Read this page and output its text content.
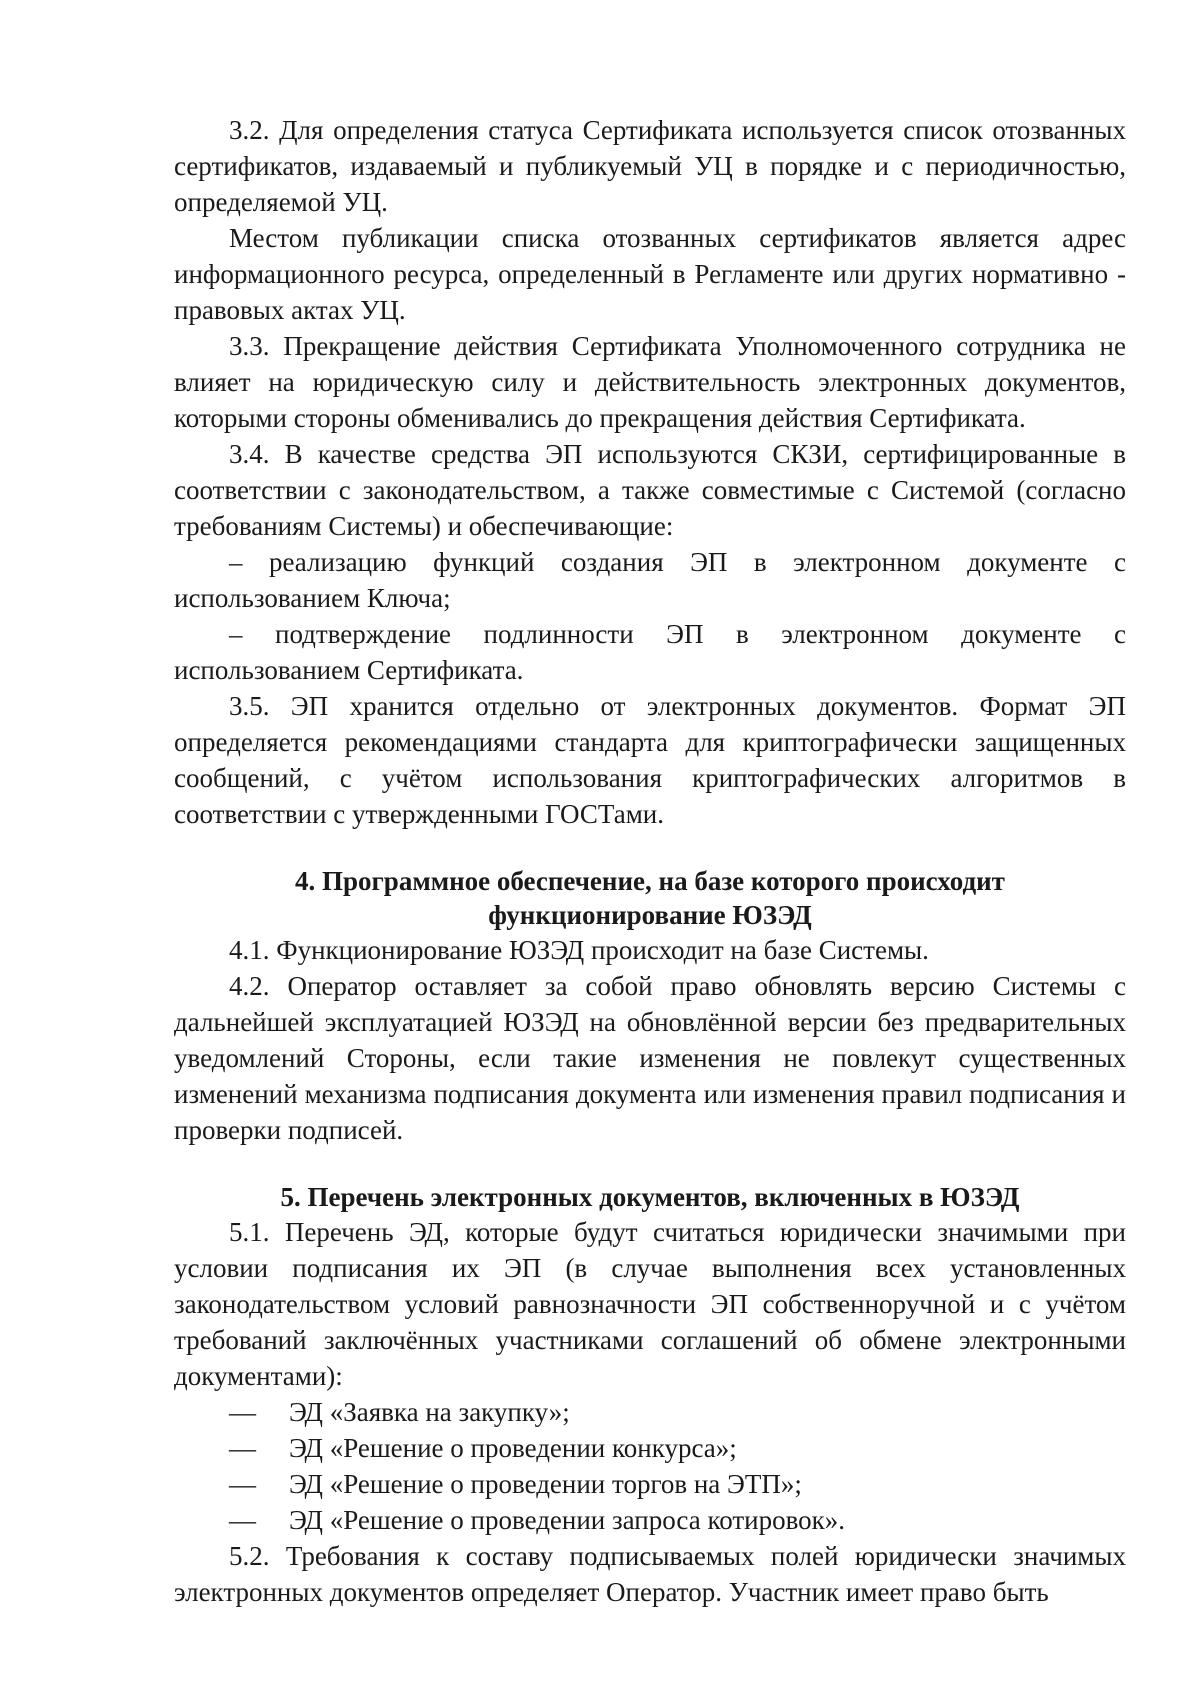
3.2. Для определения статуса Сертификата используется список отозванных сертификатов, издаваемый и публикуемый УЦ в порядке и с периодичностью, определяемой УЦ.

Местом публикации списка отозванных сертификатов является адрес информационного ресурса, определенный в Регламенте или других нормативно - правовых актах УЦ.

3.3. Прекращение действия Сертификата Уполномоченного сотрудника не влияет на юридическую силу и действительность электронных документов, которыми стороны обменивались до прекращения действия Сертификата.

3.4. В качестве средства ЭП используются СКЗИ, сертифицированные в соответствии с законодательством, а также совместимые с Системой (согласно требованиям Системы) и обеспечивающие:

– реализацию функций создания ЭП в электронном документе с использованием Ключа;

– подтверждение подлинности ЭП в электронном документе с использованием Сертификата.

3.5. ЭП хранится отдельно от электронных документов. Формат ЭП определяется рекомендациями стандарта для криптографически защищенных сообщений, с учётом использования криптографических алгоритмов в соответствии с утвержденными ГОСТами.

4. Программное обеспечение, на базе которого происходит

функционирование ЮЗЭД

4.1. Функционирование ЮЗЭД происходит на базе Системы.

4.2. Оператор оставляет за собой право обновлять версию Системы с дальнейшей эксплуатацией ЮЗЭД на обновлённой версии без предварительных уведомлений Стороны, если такие изменения не повлекут существенных изменений механизма подписания документа или изменения правил подписания и проверки подписей.

5. Перечень электронных документов, включенных в ЮЗЭД

5.1. Перечень ЭД, которые будут считаться юридически значимыми при условии подписания их ЭП (в случае выполнения всех установленных законодательством условий равнозначности ЭП собственноручной и с учётом требований заключённых участниками соглашений об обмене электронными документами):

—	ЭД «Заявка на закупку»;
—	ЭД «Решение о проведении конкурса»;
—	ЭД «Решение о проведении торгов на ЭТП»;
—	ЭД «Решение о проведении запроса котировок».

5.2. Требования к составу подписываемых полей юридически значимых электронных документов определяет Оператор. Участник имеет право быть
